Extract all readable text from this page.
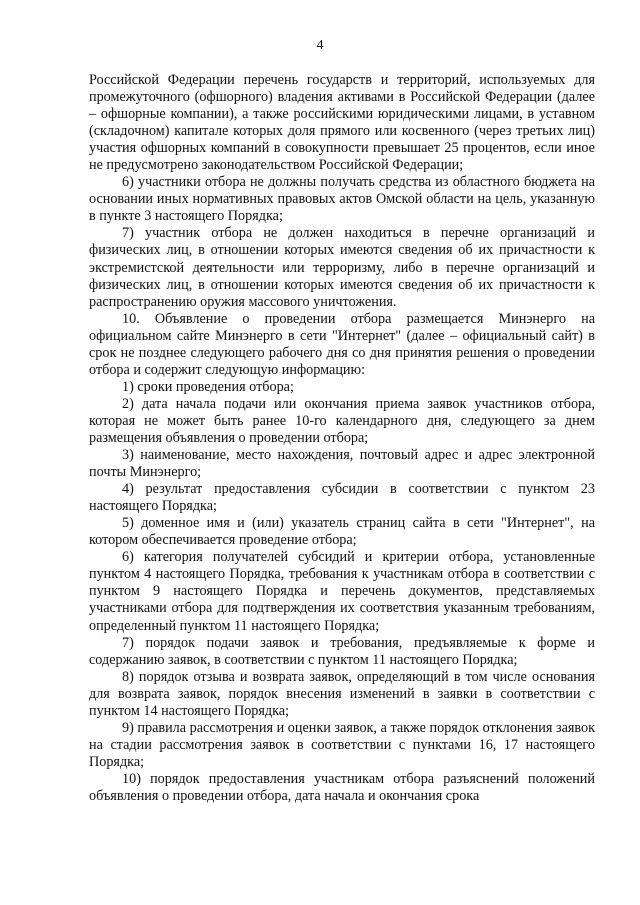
4

Российской Федерации перечень государств и территорий, используемых для промежуточного (офшорного) владения активами в Российской Федерации (далее – офшорные компании), а также российскими юридическими лицами, в уставном (складочном) капитале которых доля прямого или косвенного (через третьих лиц) участия офшорных компаний в совокупности превышает 25 процентов, если иное не предусмотрено законодательством Российской Федерации;

6) участники отбора не должны получать средства из областного бюджета на основании иных нормативных правовых актов Омской области на цель, указанную в пункте 3 настоящего Порядка;

7) участник отбора не должен находиться в перечне организаций и физических лиц, в отношении которых имеются сведения об их причастности к экстремистской деятельности или терроризму, либо в перечне организаций и физических лиц, в отношении которых имеются сведения об их причастности к распространению оружия массового уничтожения.

10. Объявление о проведении отбора размещается Минэнерго на официальном сайте Минэнерго в сети "Интернет" (далее – официальный сайт) в срок не позднее следующего рабочего дня со дня принятия решения о проведении отбора и содержит следующую информацию:

1) сроки проведения отбора;

2) дата начала подачи или окончания приема заявок участников отбора, которая не может быть ранее 10-го календарного дня, следующего за днем размещения объявления о проведении отбора;

3) наименование, место нахождения, почтовый адрес и адрес электронной почты Минэнерго;

4) результат предоставления субсидии в соответствии с пунктом 23 настоящего Порядка;

5) доменное имя и (или) указатель страниц сайта в сети "Интернет", на котором обеспечивается проведение отбора;

6) категория получателей субсидий и критерии отбора, установленные пунктом 4 настоящего Порядка, требования к участникам отбора в соответствии с пунктом 9 настоящего Порядка и перечень документов, представляемых участниками отбора для подтверждения их соответствия указанным требованиям, определенный пунктом 11 настоящего Порядка;

7) порядок подачи заявок и требования, предъявляемые к форме и содержанию заявок, в соответствии с пунктом 11 настоящего Порядка;

8) порядок отзыва и возврата заявок, определяющий в том числе основания для возврата заявок, порядок внесения изменений в заявки в соответствии с пунктом 14 настоящего Порядка;

9) правила рассмотрения и оценки заявок, а также порядок отклонения заявок на стадии рассмотрения заявок в соответствии с пунктами 16, 17 настоящего Порядка;

10) порядок предоставления участникам отбора разъяснений положений объявления о проведении отбора, дата начала и окончания срока
